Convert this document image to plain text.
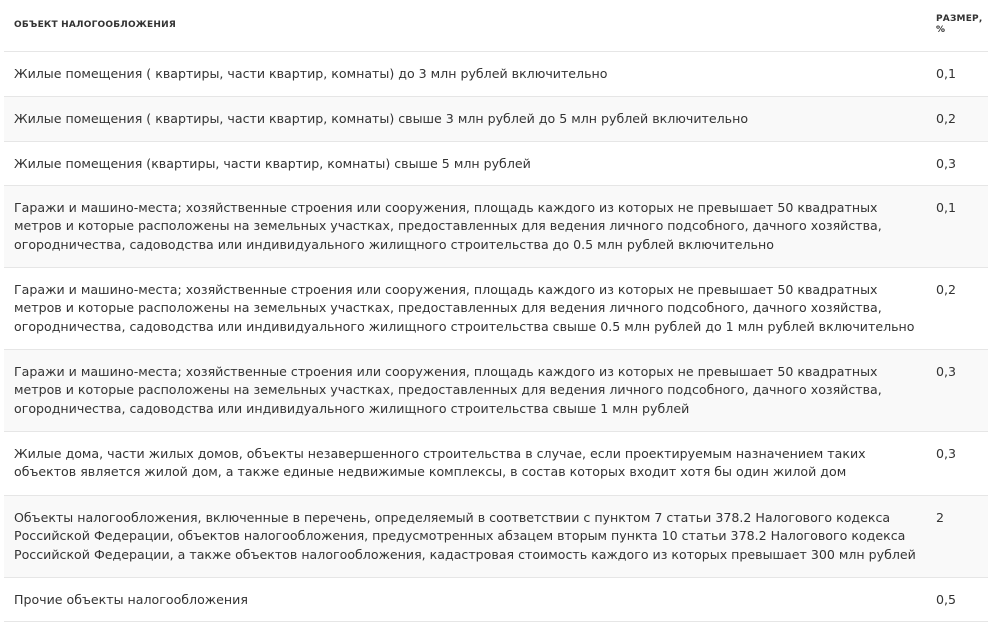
ОБЪЕКТ НАЛОГООБЛОЖЕНИЯ	РАЗМЕР, %
Жилые помещения ( квартиры, части квартир, комнаты) до 3 млн рублей включительно	0,1
Жилые помещения ( квартиры, части квартир, комнаты) свыше 3 млн рублей до 5 млн рублей включительно	0,2
Жилые помещения (квартиры, части квартир, комнаты) свыше 5 млн рублей	0,3
Гаражи и машино-места; хозяйственные строения или сооружения, площадь каждого из которых не превышает 50 квадратных метров и которые расположены на земельных участках, предоставленных для ведения личного подсобного, дачного хозяйства, огородничества, садоводства или индивидуального жилищного строительства до 0.5 млн рублей включительно	0,1
Гаражи и машино-места; хозяйственные строения или сооружения, площадь каждого из которых не превышает 50 квадратных метров и которые расположены на земельных участках, предоставленных для ведения личного подсобного, дачного хозяйства, огородничества, садоводства или индивидуального жилищного строительства свыше 0.5 млн рублей до 1 млн рублей включительно	0,2
Гаражи и машино-места; хозяйственные строения или сооружения, площадь каждого из которых не превышает 50 квадратных метров и которые расположены на земельных участках, предоставленных для ведения личного подсобного, дачного хозяйства, огородничества, садоводства или индивидуального жилищного строительства свыше 1 млн рублей	0,3
Жилые дома, части жилых домов, объекты незавершенного строительства в случае, если проектируемым назначением таких объектов является жилой дом, а также единые недвижимые комплексы, в состав которых входит хотя бы один жилой дом	0,3
Объекты налогообложения, включенные в перечень, определяемый в соответствии с пунктом 7 статьи 378.2 Налогового кодекса Российской Федерации, объектов налогообложения, предусмотренных абзацем вторым пункта 10 статьи 378.2 Налогового кодекса Российской Федерации, а также объектов налогообложения, кадастровая стоимость каждого из которых превышает 300 млн рублей	2
Прочие объекты налогообложения	0,5
